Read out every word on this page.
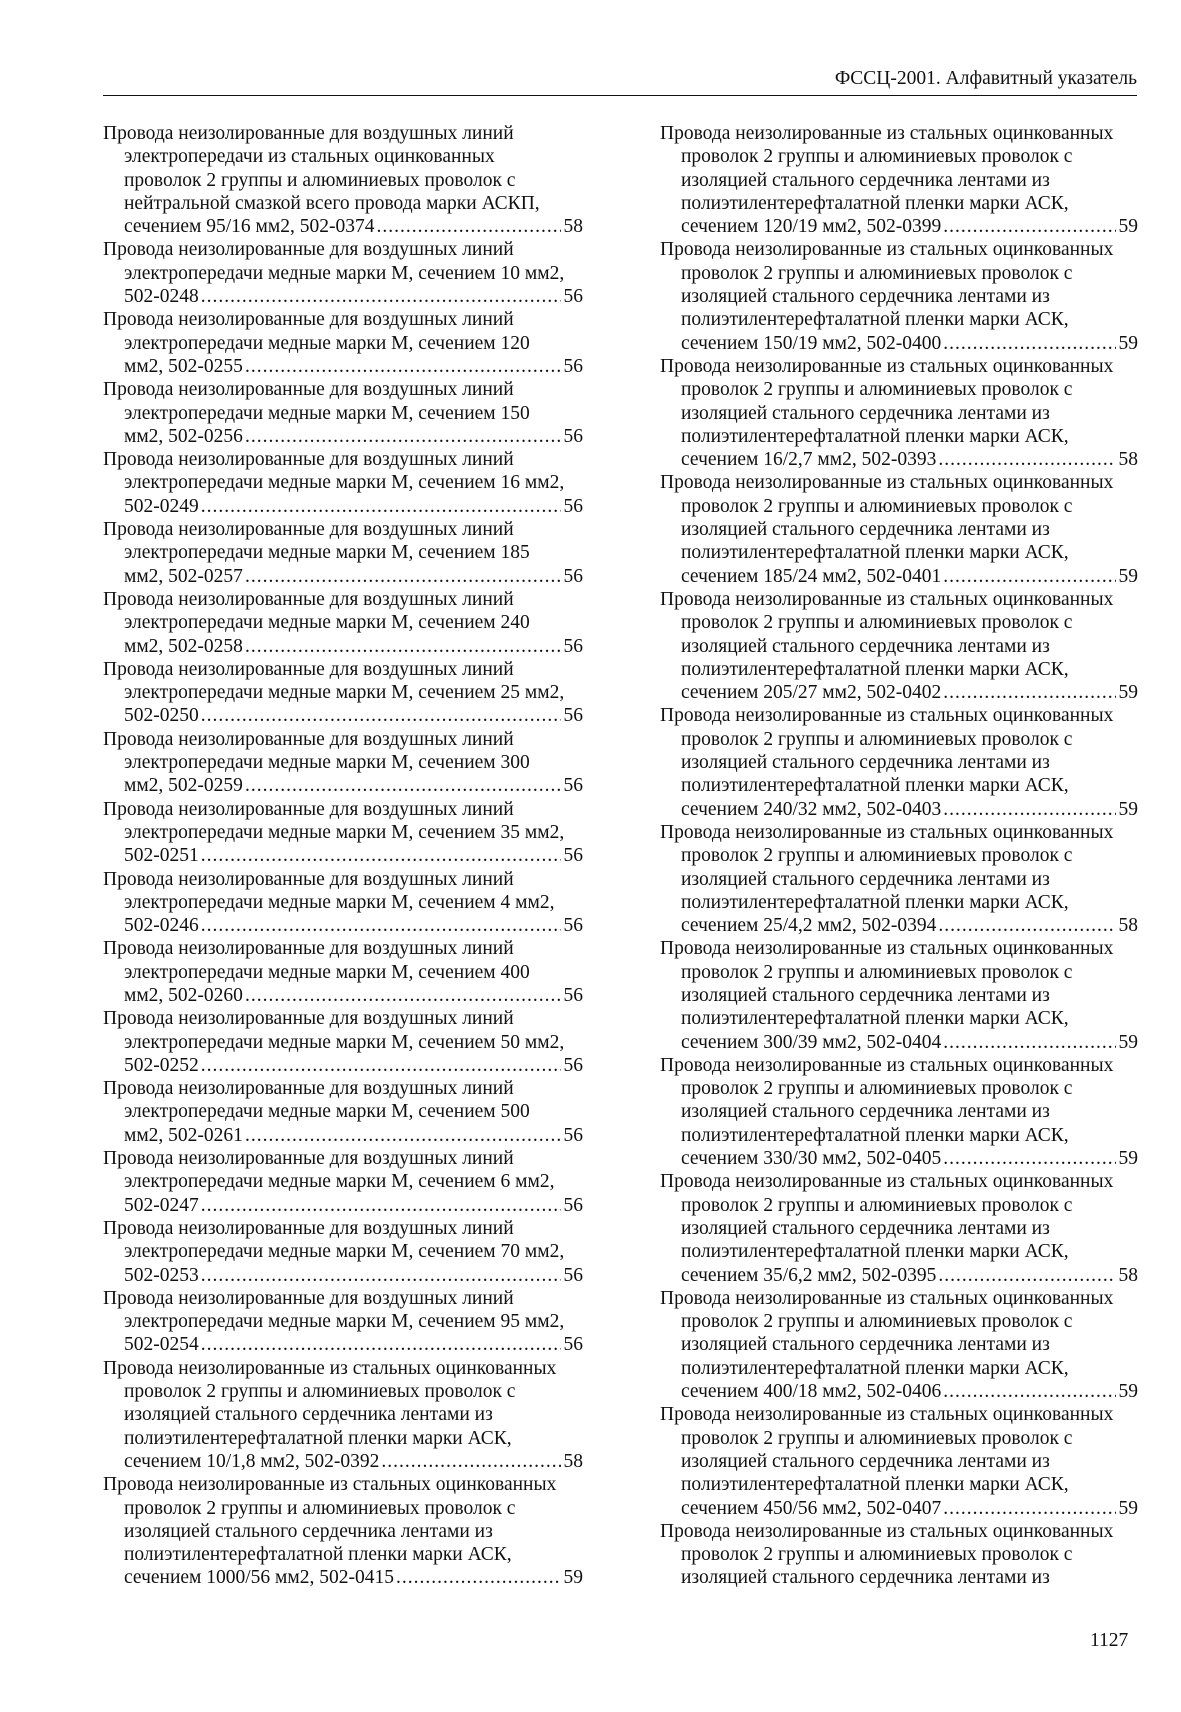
ФССЦ-2001. Алфавитный указатель
Провода неизолированные для воздушных линий
электропередачи из стальных оцинкованных
проволок 2 группы и алюминиевых проволок с
нейтральной смазкой всего провода марки АСКП,
сечением 95/16 мм2, 502-0374 .....	58
Провода неизолированные для воздушных линий
электропередачи медные марки М, сечением 10 мм2,
502-0248 .....	56
Провода неизолированные для воздушных линий
электропередачи медные марки М, сечением 120
мм2, 502-0255 .....	56
Провода неизолированные для воздушных линий
электропередачи медные марки М, сечением 150
мм2, 502-0256 .....	56
Провода неизолированные для воздушных линий
электропередачи медные марки М, сечением 16 мм2,
502-0249 .....	56
Провода неизолированные для воздушных линий
электропередачи медные марки М, сечением 185
мм2, 502-0257 .....	56
Провода неизолированные для воздушных линий
электропередачи медные марки М, сечением 240
мм2, 502-0258 .....	56
Провода неизолированные для воздушных линий
электропередачи медные марки М, сечением 25 мм2,
502-0250 .....	56
Провода неизолированные для воздушных линий
электропередачи медные марки М, сечением 300
мм2, 502-0259 .....	56
Провода неизолированные для воздушных линий
электропередачи медные марки М, сечением 35 мм2,
502-0251 .....	56
Провода неизолированные для воздушных линий
электропередачи медные марки М, сечением 4 мм2,
502-0246 .....	56
Провода неизолированные для воздушных линий
электропередачи медные марки М, сечением 400
мм2, 502-0260 .....	56
Провода неизолированные для воздушных линий
электропередачи медные марки М, сечением 50 мм2,
502-0252 .....	56
Провода неизолированные для воздушных линий
электропередачи медные марки М, сечением 500
мм2, 502-0261 .....	56
Провода неизолированные для воздушных линий
электропередачи медные марки М, сечением 6 мм2,
502-0247 .....	56
Провода неизолированные для воздушных линий
электропередачи медные марки М, сечением 70 мм2,
502-0253 .....	56
Провода неизолированные для воздушных линий
электропередачи медные марки М, сечением 95 мм2,
502-0254 .....	56
Провода неизолированные из стальных оцинкованных
проволок 2 группы и алюминиевых проволок с
изоляцией стального сердечника лентами из
полиэтилентерефталатной пленки марки АСК,
сечением 10/1,8 мм2, 502-0392 .....	58
Провода неизолированные из стальных оцинкованных
проволок 2 группы и алюминиевых проволок с
изоляцией стального сердечника лентами из
полиэтилентерефталатной пленки марки АСК,
сечением 1000/56 мм2, 502-0415 .....	59
Провода неизолированные из стальных оцинкованных
проволок 2 группы и алюминиевых проволок с
изоляцией стального сердечника лентами из
полиэтилентерефталатной пленки марки АСК,
сечением 120/19 мм2, 502-0399 .....	59
Провода неизолированные из стальных оцинкованных
проволок 2 группы и алюминиевых проволок с
изоляцией стального сердечника лентами из
полиэтилентерефталатной пленки марки АСК,
сечением 150/19 мм2, 502-0400 .....	59
Провода неизолированные из стальных оцинкованных
проволок 2 группы и алюминиевых проволок с
изоляцией стального сердечника лентами из
полиэтилентерефталатной пленки марки АСК,
сечением 16/2,7 мм2, 502-0393 .....	58
Провода неизолированные из стальных оцинкованных
проволок 2 группы и алюминиевых проволок с
изоляцией стального сердечника лентами из
полиэтилентерефталатной пленки марки АСК,
сечением 185/24 мм2, 502-0401 .....	59
Провода неизолированные из стальных оцинкованных
проволок 2 группы и алюминиевых проволок с
изоляцией стального сердечника лентами из
полиэтилентерефталатной пленки марки АСК,
сечением 205/27 мм2, 502-0402 .....	59
Провода неизолированные из стальных оцинкованных
проволок 2 группы и алюминиевых проволок с
изоляцией стального сердечника лентами из
полиэтилентерефталатной пленки марки АСК,
сечением 240/32 мм2, 502-0403 .....	59
Провода неизолированные из стальных оцинкованных
проволок 2 группы и алюминиевых проволок с
изоляцией стального сердечника лентами из
полиэтилентерефталатной пленки марки АСК,
сечением 25/4,2 мм2, 502-0394 .....	58
Провода неизолированные из стальных оцинкованных
проволок 2 группы и алюминиевых проволок с
изоляцией стального сердечника лентами из
полиэтилентерефталатной пленки марки АСК,
сечением 300/39 мм2, 502-0404 .....	59
Провода неизолированные из стальных оцинкованных
проволок 2 группы и алюминиевых проволок с
изоляцией стального сердечника лентами из
полиэтилентерефталатной пленки марки АСК,
сечением 330/30 мм2, 502-0405 .....	59
Провода неизолированные из стальных оцинкованных
проволок 2 группы и алюминиевых проволок с
изоляцией стального сердечника лентами из
полиэтилентерефталатной пленки марки АСК,
сечением 35/6,2 мм2, 502-0395 .....	58
Провода неизолированные из стальных оцинкованных
проволок 2 группы и алюминиевых проволок с
изоляцией стального сердечника лентами из
полиэтилентерефталатной пленки марки АСК,
сечением 400/18 мм2, 502-0406 .....	59
Провода неизолированные из стальных оцинкованных
проволок 2 группы и алюминиевых проволок с
изоляцией стального сердечника лентами из
полиэтилентерефталатной пленки марки АСК,
сечением 450/56 мм2, 502-0407 .....	59
Провода неизолированные из стальных оцинкованных
проволок 2 группы и алюминиевых проволок с
изоляцией стального сердечника лентами из
1127
